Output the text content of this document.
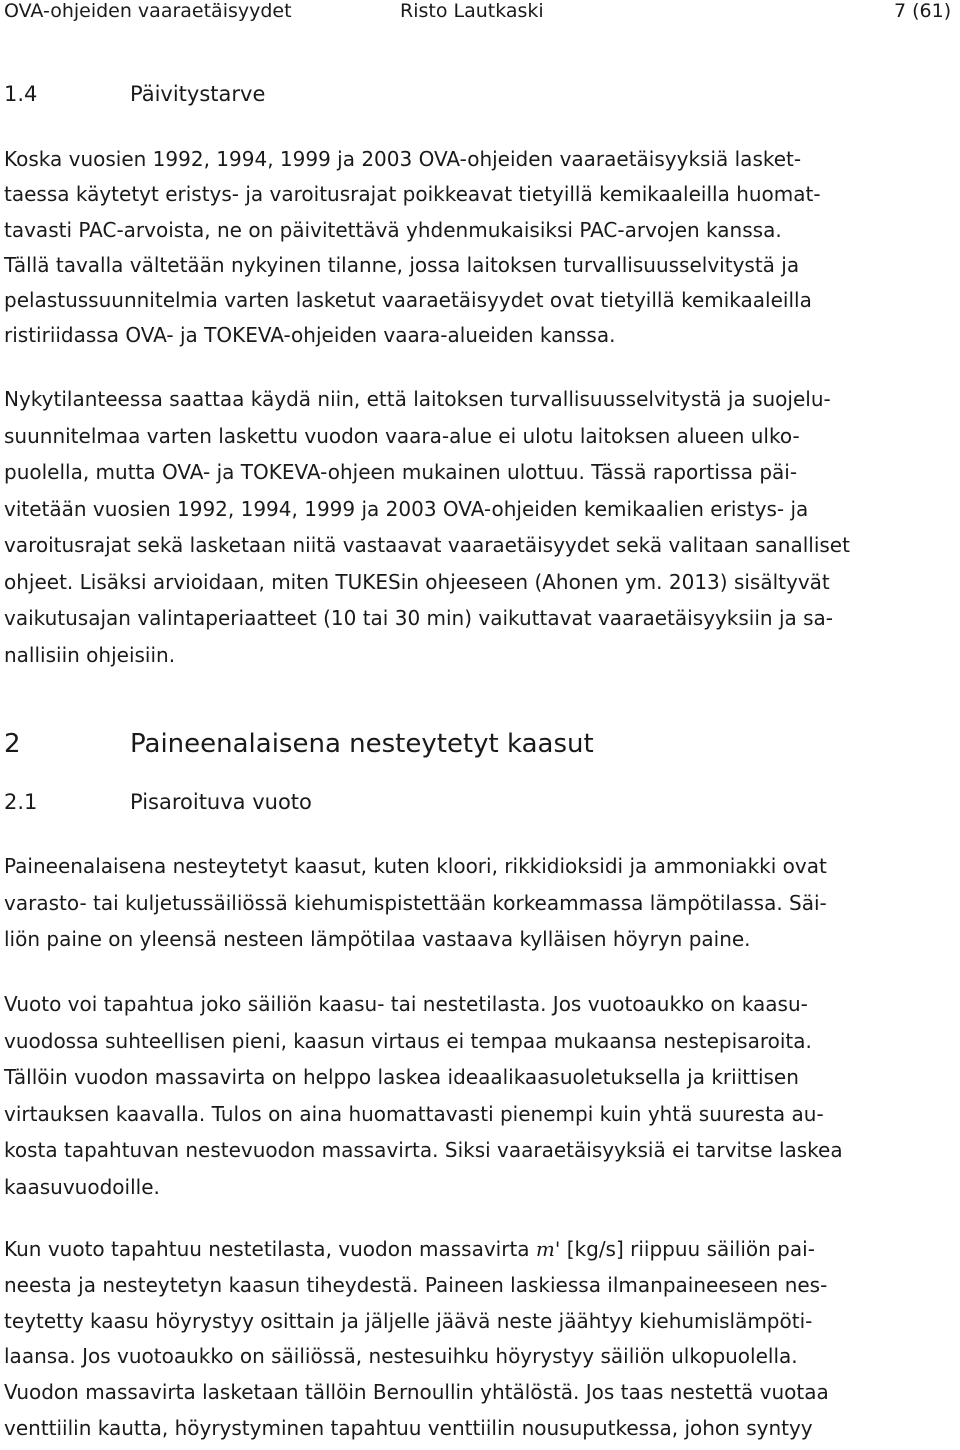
OVA-ohjeiden vaaraetäisyydet	Risto Lautkaski	7 (61)
1.4	Päivitystarve
Koska vuosien 1992, 1994, 1999 ja 2003 OVA-ohjeiden vaaraetäisyyksiä lasket-
taessa käytetyt eristys- ja varoitusrajat poikkeavat tietyillä kemikaaleilla huomat-
tavasti PAC-arvoista, ne on päivitettävä yhdenmukaisiksi PAC-arvojen kanssa.
Tällä tavalla vältetään nykyinen tilanne, jossa laitoksen turvallisuusselvitystä ja
pelastussuunnitelmia varten lasketut vaaraetäisyydet ovat tietyillä kemikaaleilla
ristiriidassa OVA- ja TOKEVA-ohjeiden vaara-alueiden kanssa.
Nykytilanteessa saattaa käydä niin, että laitoksen turvallisuusselvitystä ja suojelu-
suunnitelmaa varten laskettu vuodon vaara-alue ei ulotu laitoksen alueen ulko-
puolella, mutta OVA- ja TOKEVA-ohjeen mukainen ulottuu. Tässä raportissa päi-
vitetään vuosien 1992, 1994, 1999 ja 2003 OVA-ohjeiden kemikaalien eristys- ja
varoitusrajat sekä lasketaan niitä vastaavat vaaraetäisyydet sekä valitaan sanalliset
ohjeet. Lisäksi arvioidaan, miten TUKESin ohjeeseen (Ahonen ym. 2013) sisältyvät
vaikutusajan valintaperiaatteet (10 tai 30 min) vaikuttavat vaaraetäisyyksiin ja sa-
nallisiin ohjeisiin.
2	Paineenalaisena nesteytetyt kaasut
2.1	Pisaroituva vuoto
Paineenalaisena nesteytetyt kaasut, kuten kloori, rikkidioksidi ja ammoniakki ovat
varasto- tai kuljetussäiliössä kiehumispistettään korkeammassa lämpötilassa. Säi-
liön paine on yleensä nesteen lämpötilaa vastaava kylläisen höyryn paine.
Vuoto voi tapahtua joko säiliön kaasu- tai nestetilasta. Jos vuotoaukko on kaasu-
vuodossa suhteellisen pieni, kaasun virtaus ei tempaa mukaansa nestepisaroita.
Tällöin vuodon massavirta on helppo laskea ideaalikaasuoletuksella ja kriittisen
virtauksen kaavalla. Tulos on aina huomattavasti pienempi kuin yhtä suuresta au-
kosta tapahtuvan nestevuodon massavirta. Siksi vaaraetäisyyksiä ei tarvitse laskea
kaasuvuodoille.
Kun vuoto tapahtuu nestetilasta, vuodon massavirta m' [kg/s] riippuu säiliön pai-
neesta ja nesteytetyn kaasun tiheydestä. Paineen laskiessa ilmanpaineeseen nes-
teytetty kaasu höyrystyy osittain ja jäljelle jäävä neste jäähtyy kiehumislämpöti-
laansa. Jos vuotoaukko on säiliössä, nestesuihku höyrystyy säiliön ulkopuolella.
Vuodon massavirta lasketaan tällöin Bernoullin yhtälöstä. Jos taas nestettä vuotaa
venttiilin kautta, höyrystyminen tapahtuu venttiilin nousuputkessa, johon syntyy
